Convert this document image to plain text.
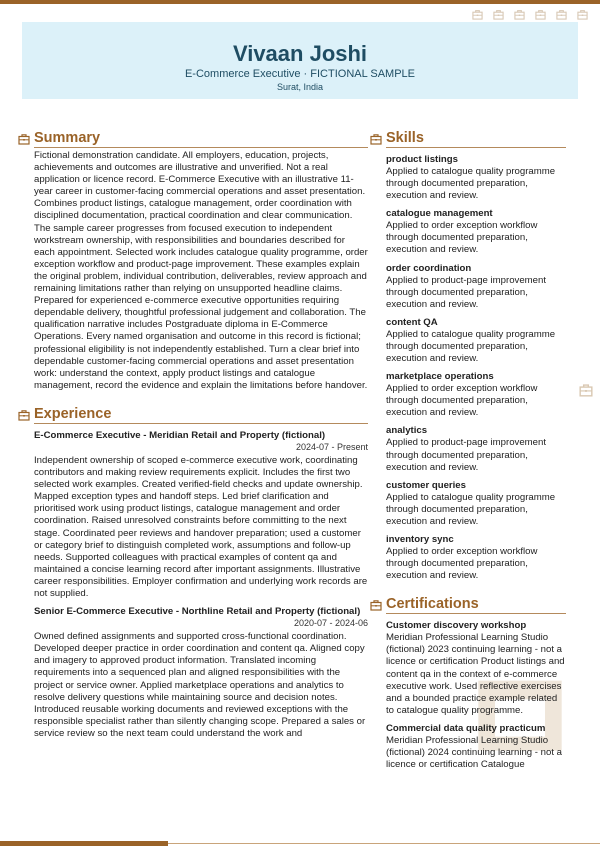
Vivaan Joshi
E-Commerce Executive · FICTIONAL SAMPLE
Surat, India
Summary

Fictional demonstration candidate. All employers, education, projects, achievements and outcomes are illustrative and unverified. Not a real application or licence record. E-Commerce Executive with an illustrative 11-year career in customer-facing commercial operations and asset presentation. Combines product listings, catalogue management, order coordination with disciplined documentation, practical coordination and clear communication. The sample career progresses from focused execution to independent workstream ownership, with responsibilities and boundaries described for each appointment. Selected work includes catalogue quality programme, order exception workflow and product-page improvement. These examples explain the original problem, individual contribution, deliverables, review approach and remaining limitations rather than relying on unsupported headline claims. Prepared for experienced e-commerce executive opportunities requiring dependable delivery, thoughtful professional judgement and collaboration. The qualification narrative includes Postgraduate diploma in E-Commerce Operations. Every named organisation and outcome in this record is fictional; professional eligibility is not independently established. Turn a clear brief into dependable customer-facing commercial operations and asset presentation work: understand the context, apply product listings and catalogue management, record the evidence and explain the limitations before handover.

Experience
E-Commerce Executive - Meridian Retail and Property (fictional)
2024-07 - Present

Independent ownership of scoped e-commerce executive work, coordinating contributors and making review requirements explicit. Includes the first two selected work examples. Created verified-field checks and update ownership. Mapped exception types and handoff steps. Led brief clarification and prioritised work using product listings, catalogue management and order coordination. Raised unresolved constraints before committing to the next stage. Coordinated peer reviews and handover preparation; used a customer or category brief to distinguish completed work, assumptions and follow-up needs. Supported colleagues with practical examples of content qa and maintained a concise learning record after important assignments. Illustrative career responsibilities. Employer confirmation and underlying work records are not supplied.

Senior E-Commerce Executive - Northline Retail and Property (fictional)
2020-07 - 2024-06

Owned defined assignments and supported cross-functional coordination. Developed deeper practice in order coordination and content qa. Aligned copy and imagery to approved product information. Translated incoming requirements into a sequenced plan and aligned responsibilities with the project or service owner. Applied marketplace operations and analytics to resolve delivery questions while maintaining source and decision notes. Introduced reusable working documents and reviewed exceptions with the responsible specialist rather than silently changing scope. Prepared a sales or service review so the next team could understand the work and

Skills
product listings
Applied to catalogue quality programme through documented preparation, execution and review.
catalogue management
Applied to order exception workflow through documented preparation, execution and review.
order coordination
Applied to product-page improvement through documented preparation, execution and review.
content QA
Applied to catalogue quality programme through documented preparation, execution and review.
marketplace operations
Applied to order exception workflow through documented preparation, execution and review.
analytics
Applied to product-page improvement through documented preparation, execution and review.
customer queries
Applied to catalogue quality programme through documented preparation, execution and review.
inventory sync
Applied to order exception workflow through documented preparation, execution and review.
Certifications
Customer discovery workshop
Meridian Professional Learning Studio (fictional) 2023 continuing learning - not a licence or certification Product listings and content qa in the context of e-commerce executive work. Used reflective exercises and a bounded practice example related to catalogue quality programme.
Commercial data quality practicum
Meridian Professional Learning Studio (fictional) 2024 continuing learning - not a licence or certification Catalogue
